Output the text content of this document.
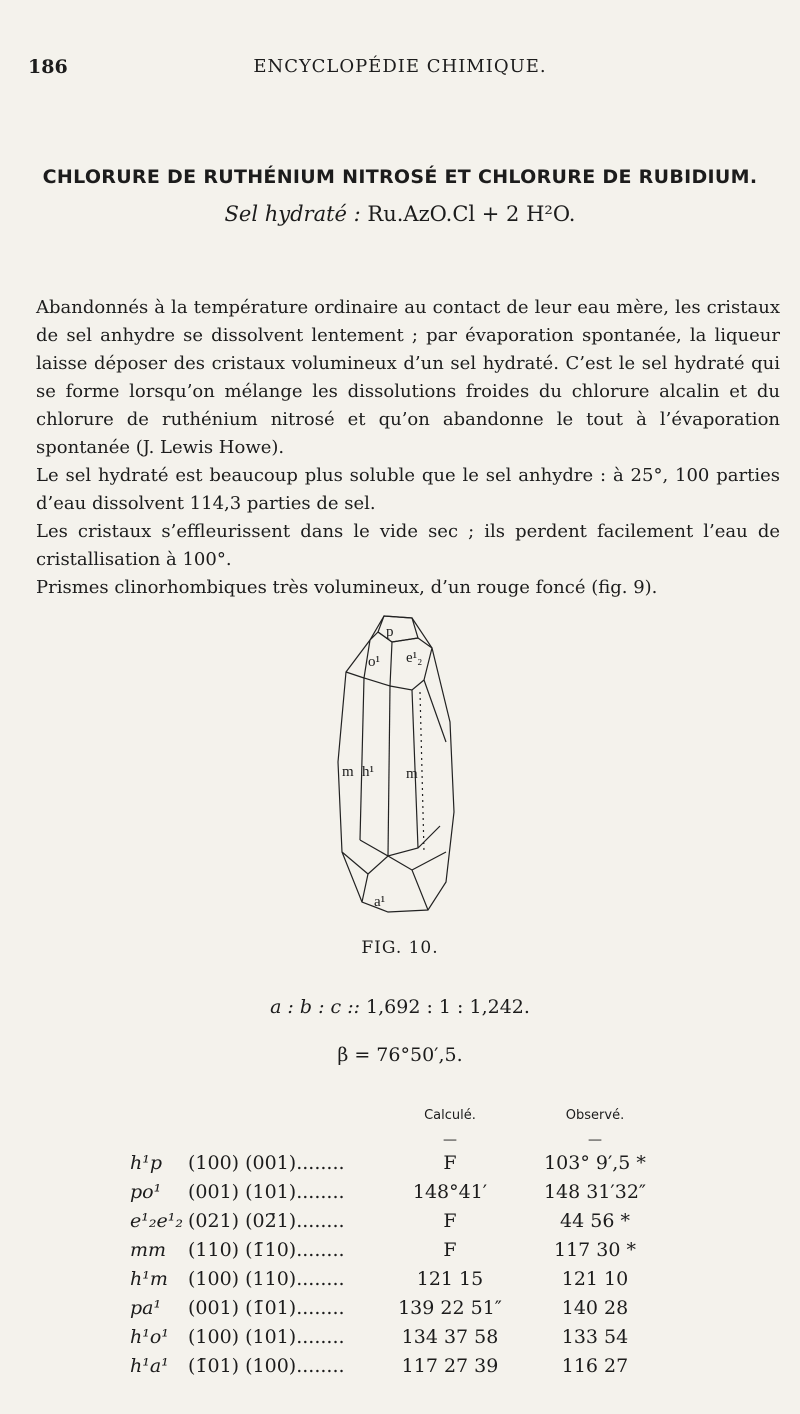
186	ENCYCLOPÉDIE CHIMIQUE.
CHLORURE DE RUTHÉNIUM NITROSÉ ET CHLORURE DE RUBIDIUM.
Sel hydraté : Ru.AzO.Cl + 2 H²O.

Abandonnés à la température ordinaire au contact de leur eau mère, les cristaux de sel anhydre se dissolvent lentement ; par évaporation spontanée, la liqueur laisse déposer des cristaux volumineux d’un sel hydraté. C’est le sel hydraté qui se forme lorsqu’on mélange les dissolutions froides du chlorure alcalin et du chlorure de ruthénium nitrosé et qu’on abandonne le tout à l’évaporation spontanée (J. Lewis Howe).

Le sel hydraté est beaucoup plus soluble que le sel anhydre : à 25°, 100 parties d’eau dissolvent 114,3 parties de sel.

Les cristaux s’effleurissent dans le vide sec ; ils perdent facilement l’eau de cristallisation à 100°.

Prismes clinorhombiques très volumineux, d’un rouge foncé (fig. 9).

p
o¹ e¹₂
m h¹ m
a¹
FIG. 10.
a : b : c :: 1,692 : 1 : 1,242.
β = 76°50′,5.
Calculé.	Observé.
—	—
h¹p	(100) (001)........	F	103° 9′,5 *
po¹	(001) (101)........	148°41′	148 31′32″
e¹₂e¹₂ (021) (02̄1)........	F	44 56 *
mm	(110) (1̄10)........	F	117 30 *
h¹m	(100) (110)........	121 15	121 10
pa¹	(001) (1̄01)........	139 22 51″	140 28
h¹o¹	(100) (101)........	134 37 58	133 54
h¹a¹	(1̄01) (100)........	117 27 39	116 27
